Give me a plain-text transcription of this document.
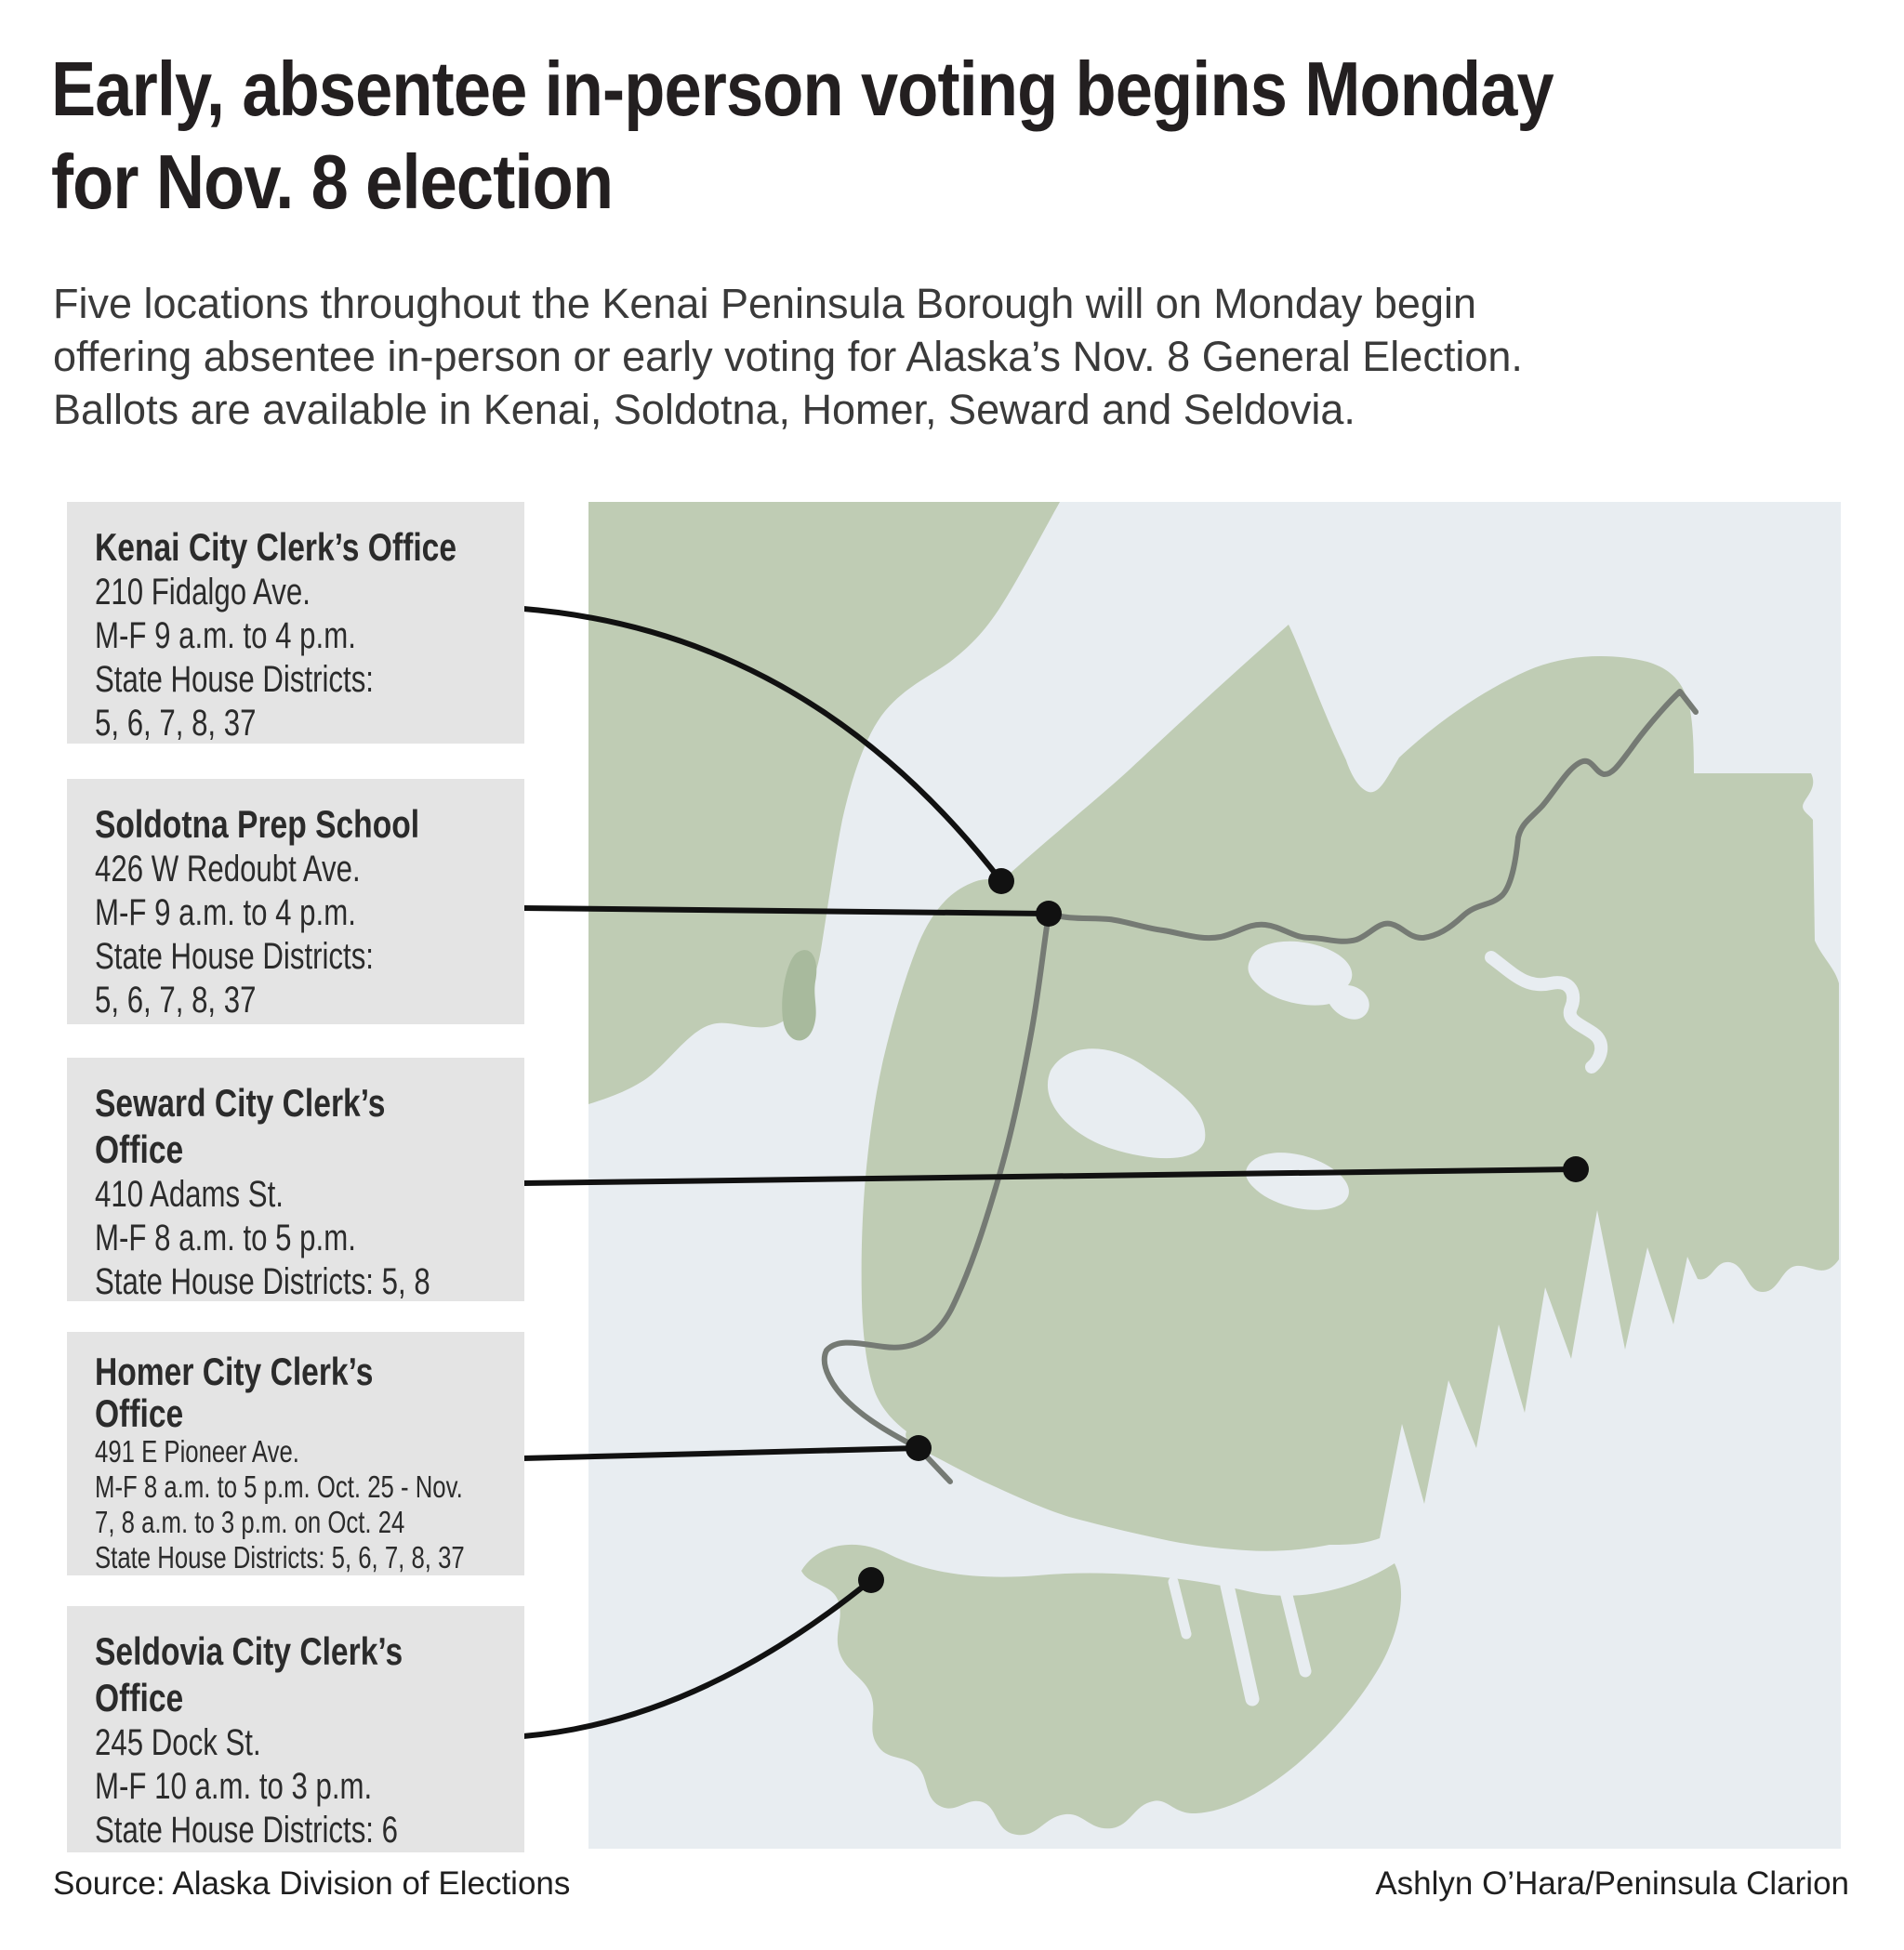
Early, absentee in-person voting begins Monday
for Nov. 8 election
Five locations throughout the Kenai Peninsula Borough will on Monday begin
offering absentee in-person or early voting for Alaska’s Nov. 8 General Election.
Ballots are available in Kenai, Soldotna, Homer, Seward and Seldovia.
Kenai City Clerk’s Office
210 Fidalgo Ave.
M-F 9 a.m. to 4 p.m.
State House Districts:
5, 6, 7, 8, 37
Soldotna Prep School
426 W Redoubt Ave.
M-F 9 a.m. to 4 p.m.
State House Districts:
5, 6, 7, 8, 37
Seward City Clerk’s
Office
410 Adams St.
M-F 8 a.m. to 5 p.m.
State House Districts: 5, 8
Homer City Clerk’s
Office
491 E Pioneer Ave.
M-F 8 a.m. to 5 p.m. Oct. 25 - Nov.
7, 8 a.m. to 3 p.m. on Oct. 24
State House Districts: 5, 6, 7, 8, 37
Seldovia City Clerk’s
Office
245 Dock St.
M-F 10 a.m. to 3 p.m.
State House Districts: 6
Source: Alaska Division of Elections	Ashlyn O’Hara/Peninsula Clarion
